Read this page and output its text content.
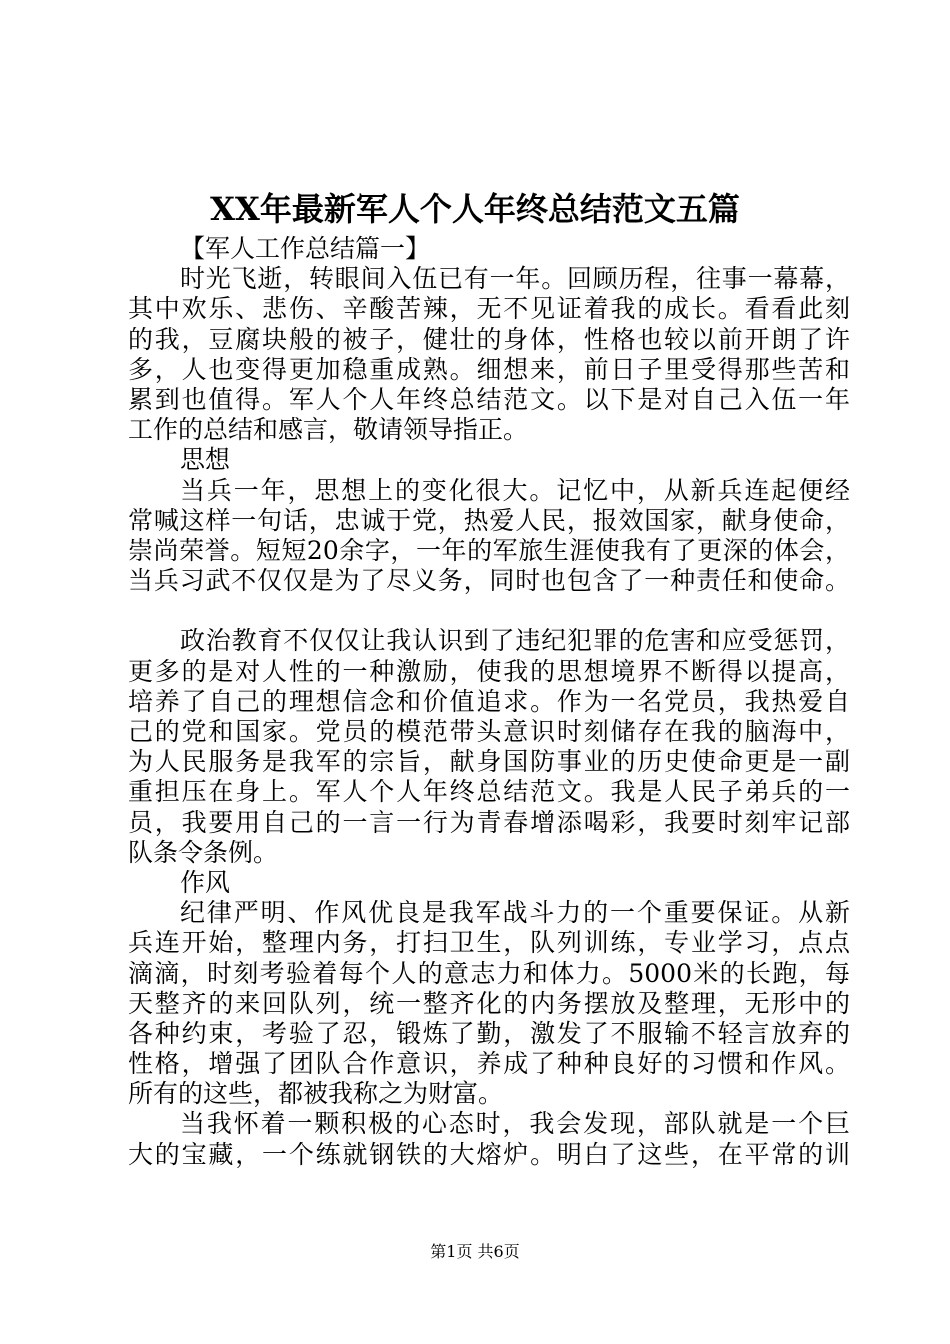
XX年最新军人个人年终总结范文五篇
【军人工作总结篇一】
时光飞逝，转眼间入伍已有一年。回顾历程，往事一幕幕，
其中欢乐、悲伤、辛酸苦辣，无不见证着我的成长。看看此刻
的我，豆腐块般的被子，健壮的身体，性格也较以前开朗了许
多，人也变得更加稳重成熟。细想来，前日子里受得那些苦和
累到也值得。军人个人年终总结范文。以下是对自己入伍一年
工作的总结和感言，敬请领导指正。
思想
当兵一年，思想上的变化很大。记忆中，从新兵连起便经
常喊这样一句话，忠诚于党，热爱人民，报效国家，献身使命，
崇尚荣誉。短短20余字，一年的军旅生涯使我有了更深的体会，
当兵习武不仅仅是为了尽义务，同时也包含了一种责任和使命。
政治教育不仅仅让我认识到了违纪犯罪的危害和应受惩罚，
更多的是对人性的一种激励，使我的思想境界不断得以提高，
培养了自己的理想信念和价值追求。作为一名党员，我热爱自
己的党和国家。党员的模范带头意识时刻储存在我的脑海中，
为人民服务是我军的宗旨，献身国防事业的历史使命更是一副
重担压在身上。军人个人年终总结范文。我是人民子弟兵的一
员，我要用自己的一言一行为青春增添喝彩，我要时刻牢记部
队条令条例。
作风
纪律严明、作风优良是我军战斗力的一个重要保证。从新
兵连开始，整理内务，打扫卫生，队列训练，专业学习，点点
滴滴，时刻考验着每个人的意志力和体力。5000米的长跑，每
天整齐的来回队列，统一整齐化的内务摆放及整理，无形中的
各种约束，考验了忍，锻炼了勤，激发了不服输不轻言放弃的
性格，增强了团队合作意识，养成了种种良好的习惯和作风。
所有的这些，都被我称之为财富。
当我怀着一颗积极的心态时，我会发现，部队就是一个巨
大的宝藏，一个练就钢铁的大熔炉。明白了这些，在平常的训
第1页 共6页
